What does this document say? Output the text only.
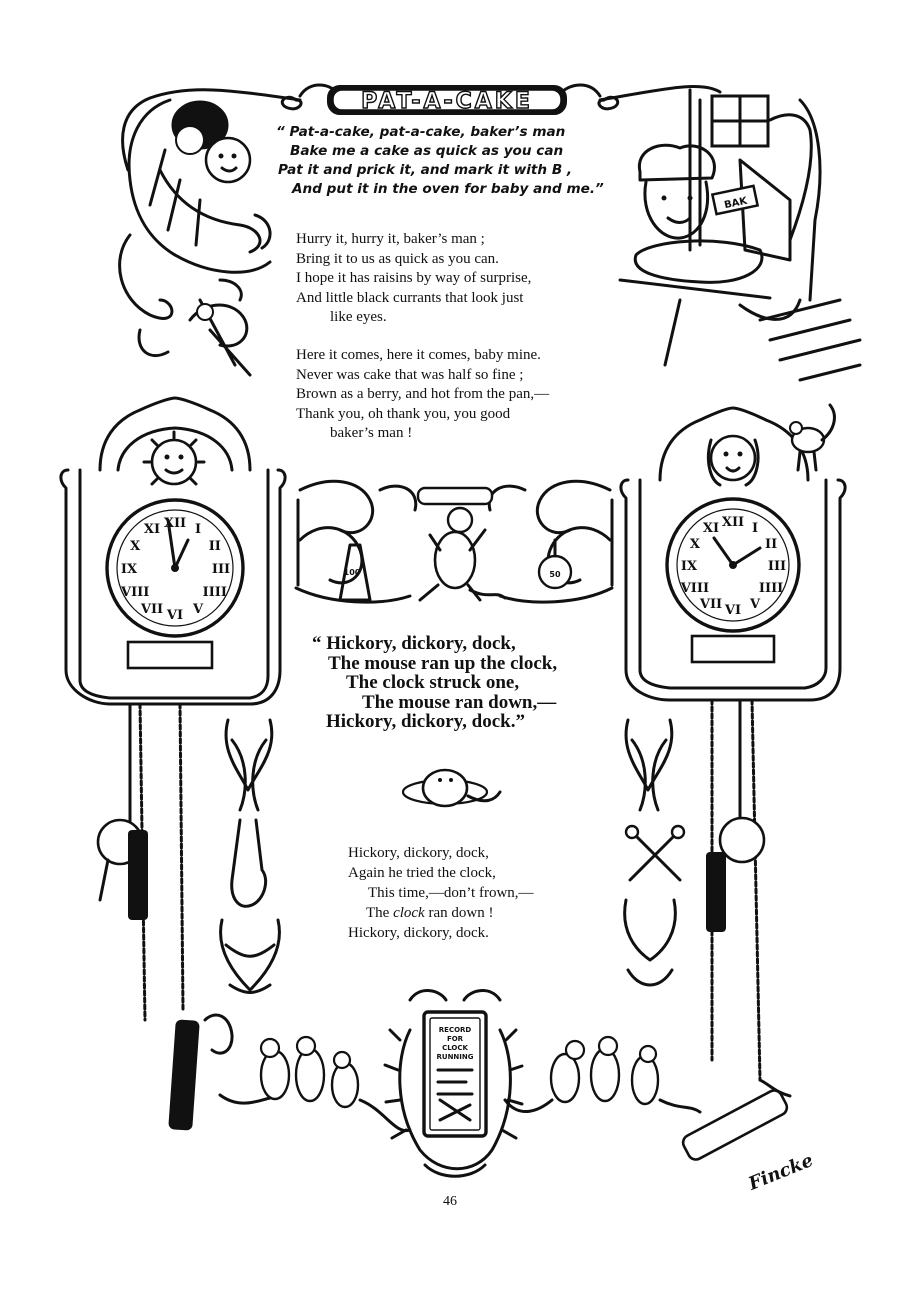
PAT-A-CAKE
BAK
XII I
II
III
IIII
V
VI
VII
VIII
IX
X
XI	XII I
II
III
IIII
V
VI
VII
VIII
IX
X
XI
100	50
RECORD
FOR
CLOCK
RUNNING
Fincke
“ Pat-a-cake, pat-a-cake, baker’s man
Bake me a cake as quick as you can
Pat it and prick it, and mark it with B ,
And put it in the oven for baby and me.”
Hurry it, hurry it, baker’s man ;
Bring it to us as quick as you can.
I hope it has raisins by way of surprise,
And little black currants that look just
like eyes.
Here it comes, here it comes, baby mine.
Never was cake that was half so fine ;
Brown as a berry, and hot from the pan,—
Thank you, oh thank you, you good
baker’s man !
“ Hickory, dickory, dock,
The mouse ran up the clock,
The clock struck one,
The mouse ran down,—
Hickory, dickory, dock.”
Hickory, dickory, dock,
Again he tried the clock,
This time,—don’t frown,—
The clock ran down !
Hickory, dickory, dock.
46
